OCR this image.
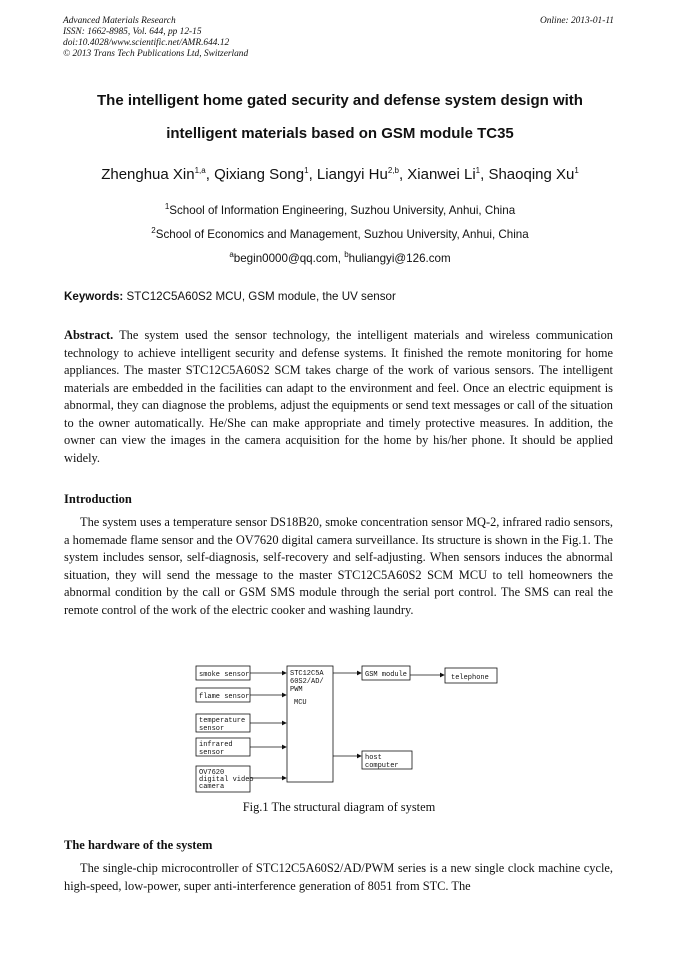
Advanced Materials Research
ISSN: 1662-8985, Vol. 644, pp 12-15
doi:10.4028/www.scientific.net/AMR.644.12
© 2013 Trans Tech Publications Ltd, Switzerland
Online: 2013-01-11
The intelligent home gated security and defense system design with
intelligent materials based on GSM module TC35
Zhenghua Xin$^{1,a}$, Qixiang Song$^1$, Liangyi Hu$^{2,b}$, Xianwei Li$^1$, Shaoqing Xu$^1$
$^1$School of Information Engineering, Suzhou University, Anhui, China
$^2$School of Economics and Management, Suzhou University, Anhui, China
$^a$begin0000@qq.com, $^b$huliangyi@126.com
Keywords: STC12C5A60S2 MCU, GSM module, the UV sensor
Abstract. The system used the sensor technology, the intelligent materials and wireless communication technology to achieve intelligent security and defense systems. It finished the remote monitoring for home appliances. The master STC12C5A60S2 SCM takes charge of the work of various sensors. The intelligent materials are embedded in the facilities can adapt to the environment and feel. Once an electric equipment is abnormal, they can diagnose the problems, adjust the equipments or send text messages or call of the situation to the owner automatically. He/She can make appropriate and timely protective measures. In addition, the owner can view the images in the camera acquisition for the home by his/her phone. It should be applied widely.
Introduction
The system uses a temperature sensor DS18B20, smoke concentration sensor MQ-2, infrared radio sensors, a homemade flame sensor and the OV7620 digital camera surveillance. Its structure is shown in the Fig.1. The system includes sensor, self-diagnosis, self-recovery and self-adjusting. When sensors induces the abnormal situation, they will send the message to the master STC12C5A60S2 SCM MCU to tell homeowners the abnormal condition by the call or GSM SMS module through the serial port control. The SMS can real the remote control of the work of the electric cooker and washing laundry.
smoke sensor
flame sensor
temperature
sensor
infrared
sensor
OV7620
digital video
camera
STC12C5A
60S2/AD/
PWM
MCU
GSM module	telephone
host
computer
Fig.1 The structural diagram of system
The hardware of the system
The single-chip microcontroller of STC12C5A60S2/AD/PWM series is a new single clock machine cycle, high-speed, low-power, super anti-interference generation of 8051 from STC. The
